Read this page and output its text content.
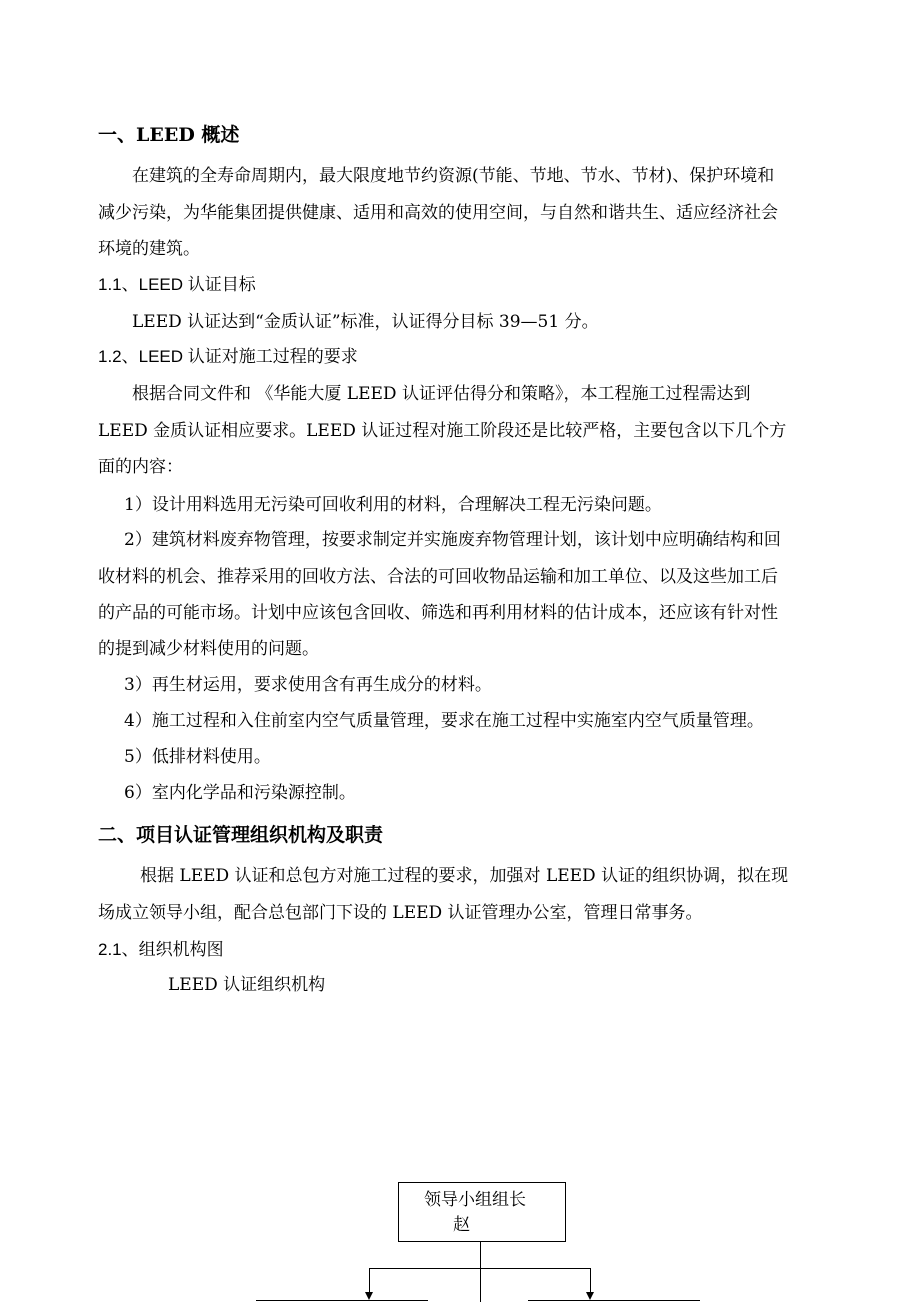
一、LEED 概述
在建筑的全寿命周期内，最大限度地节约资源(节能、节地、节水、节材)、保护环境和
减少污染，为华能集团提供健康、适用和高效的使用空间，与自然和谐共生、适应经济社会
环境的建筑。
1.1、LEED 认证目标
LEED 认证达到“金质认证”标准，认证得分目标 39—51 分。
1.2、LEED 认证对施工过程的要求
根据合同文件和 《华能大厦 LEED 认证评估得分和策略》，本工程施工过程需达到
LEED 金质认证相应要求。LEED 认证过程对施工阶段还是比较严格，主要包含以下几个方
面的内容：
1）设计用料选用无污染可回收利用的材料，合理解决工程无污染问题。
2）建筑材料废弃物管理，按要求制定并实施废弃物管理计划，该计划中应明确结构和回
收材料的机会、推荐采用的回收方法、合法的可回收物品运输和加工单位、以及这些加工后
的产品的可能市场。计划中应该包含回收、筛选和再利用材料的估计成本，还应该有针对性
的提到减少材料使用的问题。
3）再生材运用，要求使用含有再生成分的材料。
4）施工过程和入住前室内空气质量管理，要求在施工过程中实施室内空气质量管理。
5）低排材料使用。
6）室内化学品和污染源控制。
二、项目认证管理组织机构及职责
根据 LEED 认证和总包方对施工过程的要求，加强对 LEED 认证的组织协调，拟在现
场成立领导小组，配合总包部门下设的 LEED 认证管理办公室，管理日常事务。
2.1、组织机构图
LEED 认证组织机构
领导小组组长
赵
